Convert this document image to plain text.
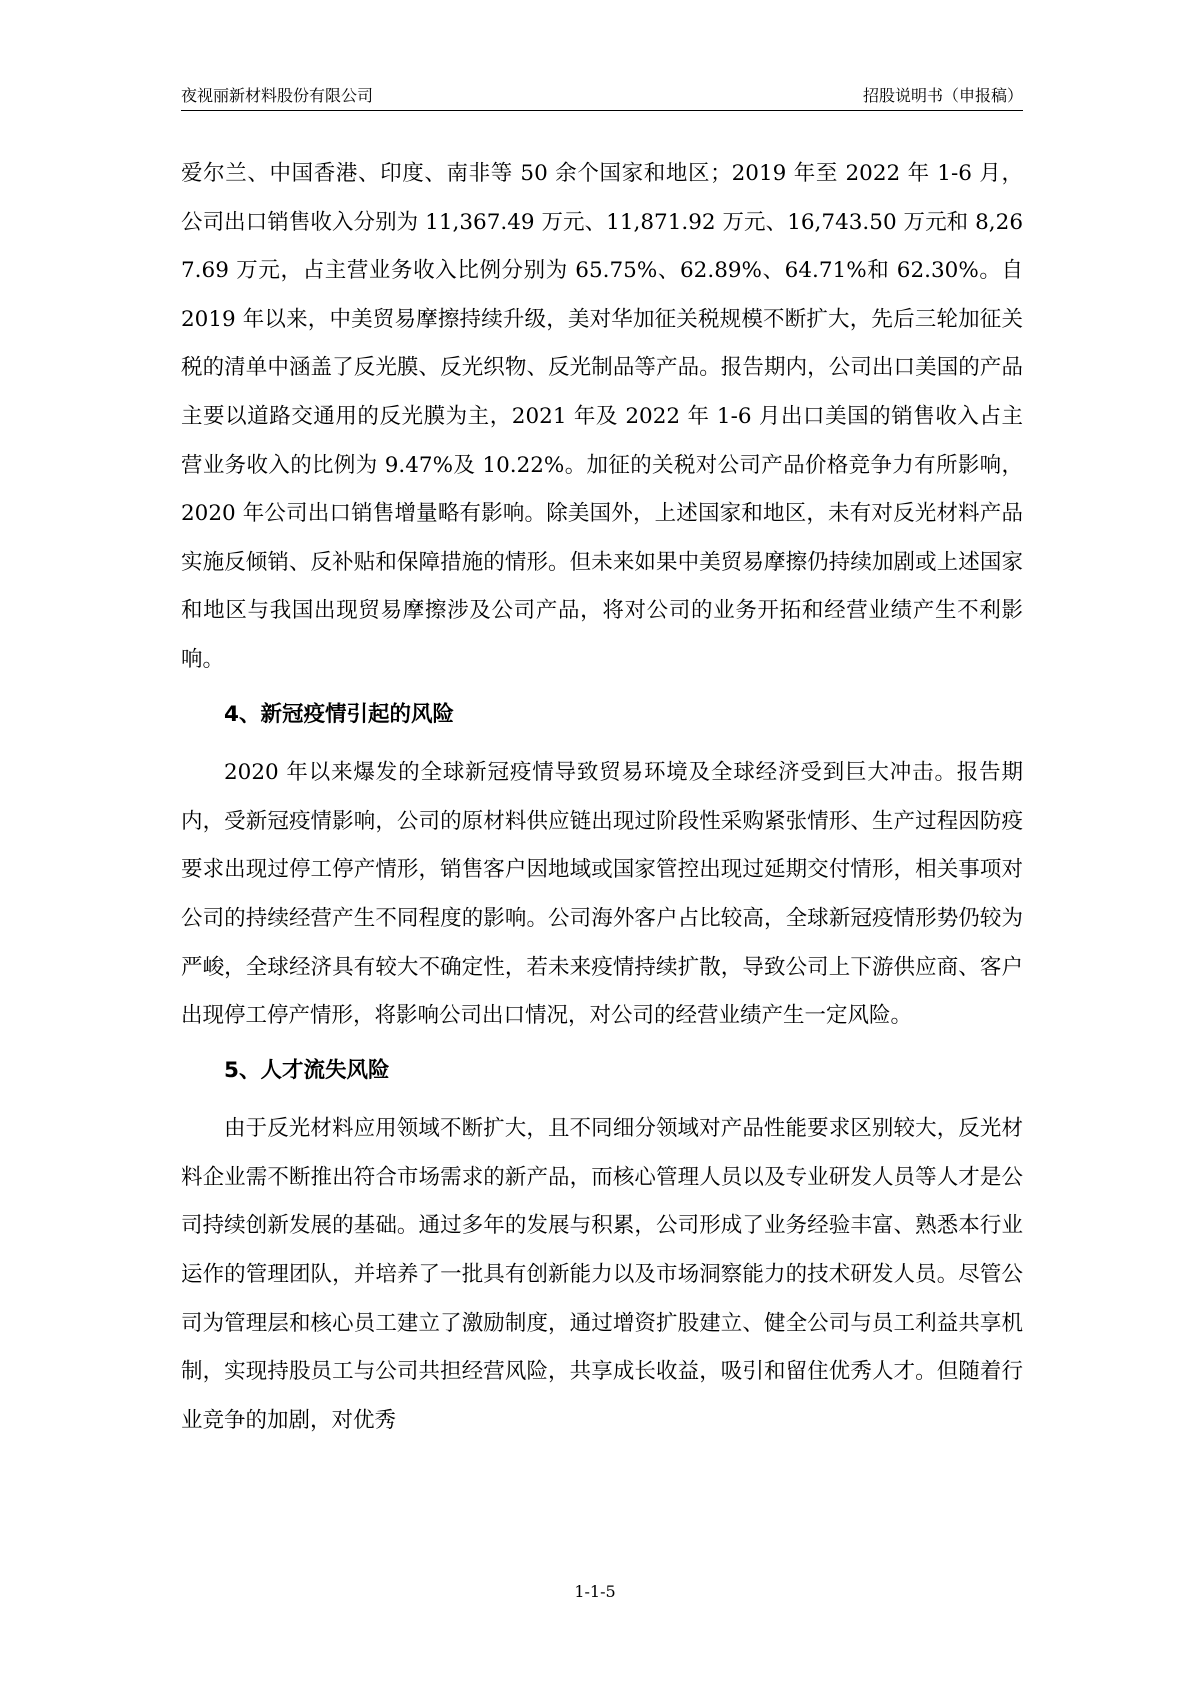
夜视丽新材料股份有限公司	招股说明书（申报稿）

爱尔兰、中国香港、印度、南非等 50 余个国家和地区；2019 年至 2022 年 1-6 月，公司出口销售收入分别为 11,367.49 万元、11,871.92 万元、16,743.50 万元和 8,267.69 万元，占主营业务收入比例分别为 65.75%、62.89%、64.71%和 62.30%。自 2019 年以来，中美贸易摩擦持续升级，美对华加征关税规模不断扩大，先后三轮加征关税的清单中涵盖了反光膜、反光织物、反光制品等产品。报告期内，公司出口美国的产品主要以道路交通用的反光膜为主，2021 年及 2022 年 1-6 月出口美国的销售收入占主营业务收入的比例为 9.47%及 10.22%。加征的关税对公司产品价格竞争力有所影响，2020 年公司出口销售增量略有影响。除美国外，上述国家和地区，未有对反光材料产品实施反倾销、反补贴和保障措施的情形。但未来如果中美贸易摩擦仍持续加剧或上述国家和地区与我国出现贸易摩擦涉及公司产品，将对公司的业务开拓和经营业绩产生不利影响。

4、新冠疫情引起的风险

2020 年以来爆发的全球新冠疫情导致贸易环境及全球经济受到巨大冲击。报告期内，受新冠疫情影响，公司的原材料供应链出现过阶段性采购紧张情形、生产过程因防疫要求出现过停工停产情形，销售客户因地域或国家管控出现过延期交付情形，相关事项对公司的持续经营产生不同程度的影响。公司海外客户占比较高，全球新冠疫情形势仍较为严峻，全球经济具有较大不确定性，若未来疫情持续扩散，导致公司上下游供应商、客户出现停工停产情形，将影响公司出口情况，对公司的经营业绩产生一定风险。

5、人才流失风险

由于反光材料应用领域不断扩大，且不同细分领域对产品性能要求区别较大，反光材料企业需不断推出符合市场需求的新产品，而核心管理人员以及专业研发人员等人才是公司持续创新发展的基础。通过多年的发展与积累，公司形成了业务经验丰富、熟悉本行业运作的管理团队，并培养了一批具有创新能力以及市场洞察能力的技术研发人员。尽管公司为管理层和核心员工建立了激励制度，通过增资扩股建立、健全公司与员工利益共享机制，实现持股员工与公司共担经营风险，共享成长收益，吸引和留住优秀人才。但随着行业竞争的加剧，对优秀

1-1-5
